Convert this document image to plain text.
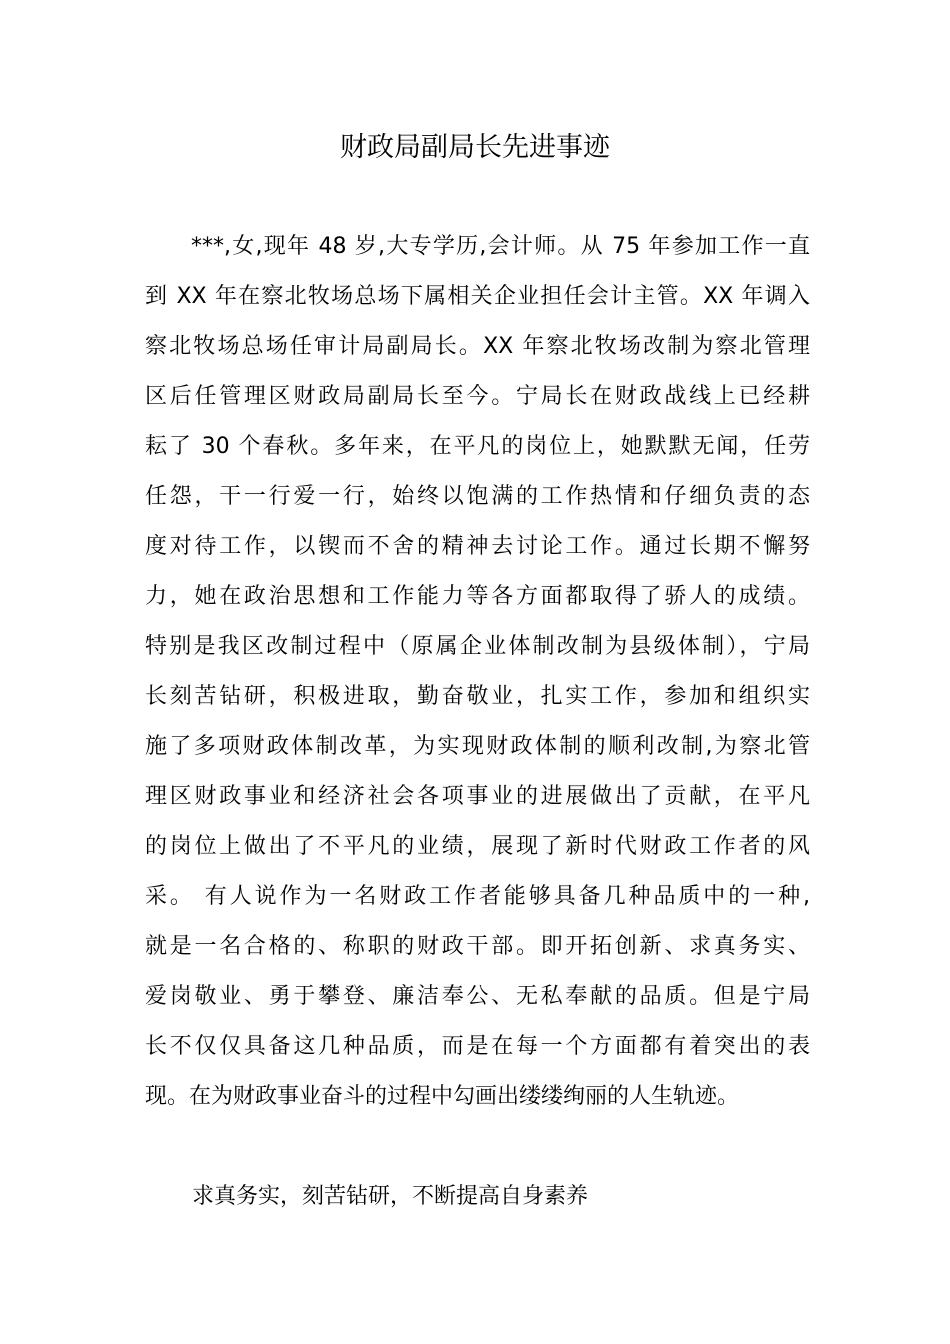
财政局副局长先进事迹
***,女,现年 48 岁,大专学历,会计师。从 75 年参加工作一直
到 XX 年在察北牧场总场下属相关企业担任会计主管。XX 年调入
察北牧场总场任审计局副局长。XX 年察北牧场改制为察北管理
区后任管理区财政局副局长至今。宁局长在财政战线上已经耕
耘了 30 个春秋。多年来，在平凡的岗位上，她默默无闻，任劳
任怨，干一行爱一行，始终以饱满的工作热情和仔细负责的态
度对待工作，以锲而不舍的精神去讨论工作。通过长期不懈努
力，她在政治思想和工作能力等各方面都取得了骄人的成绩。
特别是我区改制过程中（原属企业体制改制为县级体制），宁局
长刻苦钻研，积极进取，勤奋敬业，扎实工作，参加和组织实
施了多项财政体制改革，为实现财政体制的顺利改制,为察北管
理区财政事业和经济社会各项事业的进展做出了贡献，在平凡
的岗位上做出了不平凡的业绩，展现了新时代财政工作者的风
采。 有人说作为一名财政工作者能够具备几种品质中的一种,
就是一名合格的、称职的财政干部。即开拓创新、求真务实、
爱岗敬业、勇于攀登、廉洁奉公、无私奉献的品质。但是宁局
长不仅仅具备这几种品质，而是在每一个方面都有着突出的表
现。在为财政事业奋斗的过程中勾画出缕缕绚丽的人生轨迹。
求真务实，刻苦钻研，不断提高自身素养
